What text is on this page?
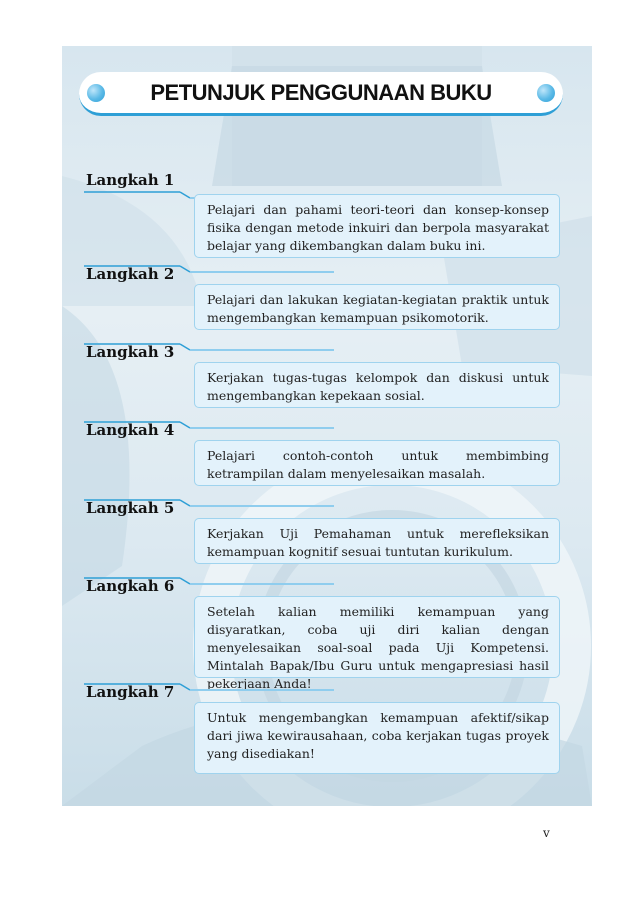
PETUNJUK PENGGUNAAN BUKU
Langkah 1
Pelajari dan pahami teori-teori dan konsep-konsep fisika dengan metode inkuiri dan berpola masyarakat belajar yang dikembangkan dalam buku ini.
Langkah 2
Pelajari dan lakukan kegiatan-kegiatan praktik untuk mengembangkan kemampuan psikomotorik.
Langkah 3
Kerjakan tugas-tugas kelompok dan diskusi untuk mengembangkan kepekaan sosial.
Langkah 4
Pelajari contoh-contoh untuk membimbing ketrampilan dalam menyelesaikan masalah.
Langkah 5
Kerjakan Uji Pemahaman untuk merefleksikan kemampuan kognitif sesuai tuntutan kurikulum.
Langkah 6
Setelah kalian memiliki kemampuan yang disyaratkan, coba uji diri kalian dengan menyelesaikan soal-soal pada Uji Kompetensi. Mintalah Bapak/Ibu Guru untuk mengapresiasi hasil pekerjaan Anda!
Langkah 7
Untuk mengembangkan kemampuan afektif/sikap dari jiwa kewirausahaan, coba kerjakan tugas proyek yang disediakan!
v
